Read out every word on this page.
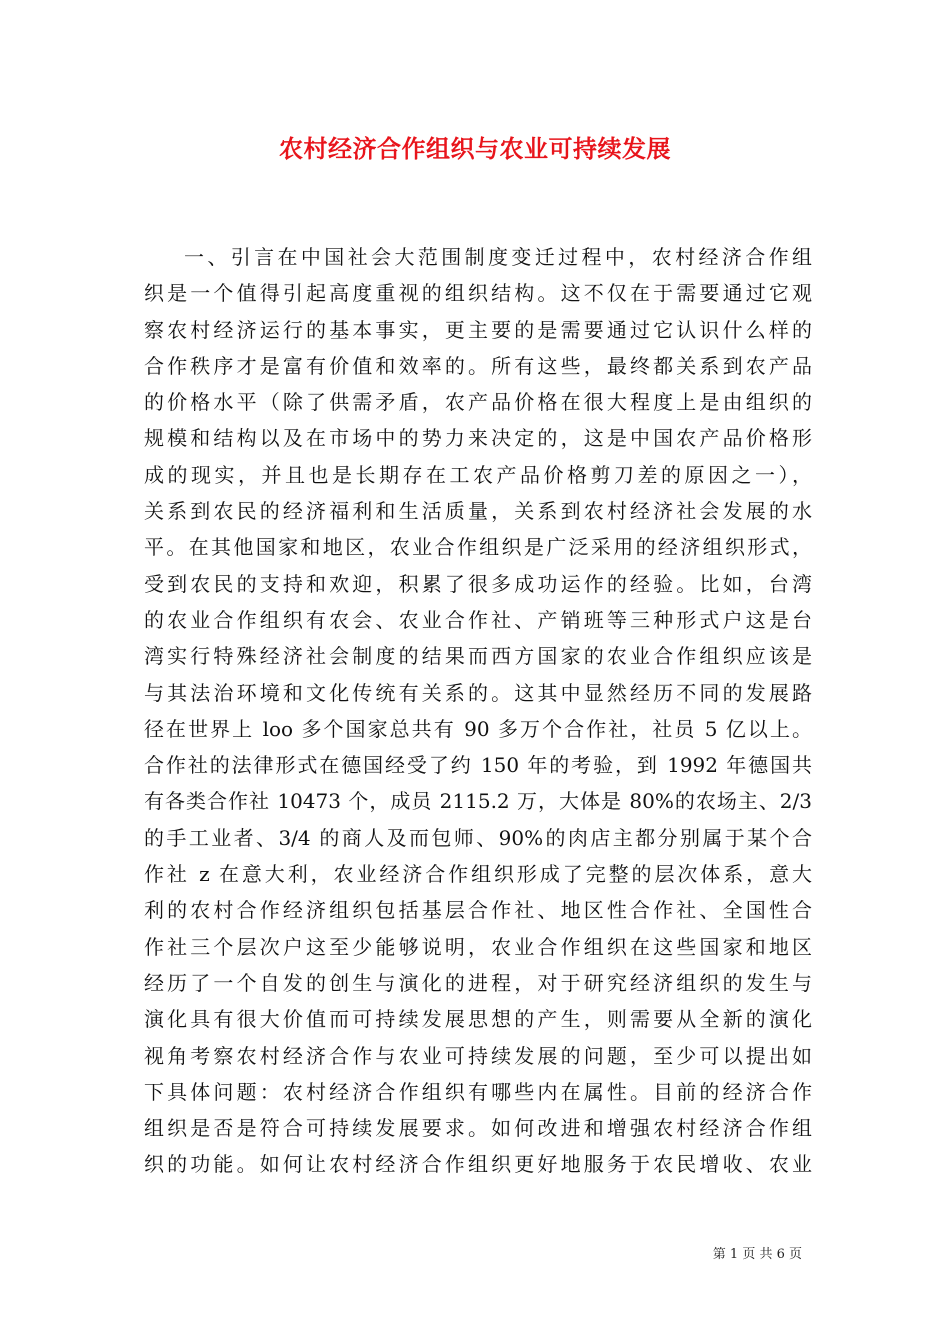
农村经济合作组织与农业可持续发展
一、引言在中国社会大范围制度变迁过程中，农村经济合作组
织是一个值得引起高度重视的组织结构。这不仅在于需要通过它观
察农村经济运行的基本事实，更主要的是需要通过它认识什么样的
合作秩序才是富有价值和效率的。所有这些，最终都关系到农产品
的价格水平（除了供需矛盾，农产品价格在很大程度上是由组织的
规模和结构以及在市场中的势力来决定的，这是中国农产品价格形
成的现实，并且也是长期存在工农产品价格剪刀差的原因之一），
关系到农民的经济福利和生活质量，关系到农村经济社会发展的水
平。在其他国家和地区，农业合作组织是广泛采用的经济组织形式，
受到农民的支持和欢迎，积累了很多成功运作的经验。比如，台湾
的农业合作组织有农会、农业合作社、产销班等三种形式户这是台
湾实行特殊经济社会制度的结果而西方国家的农业合作组织应该是
与其法治环境和文化传统有关系的。这其中显然经历不同的发展路
径在世界上 loo 多个国家总共有 90 多万个合作社，社员 5 亿以上。
合作社的法律形式在德国经受了约 150 年的考验，到 1992 年德国共
有各类合作社 10473 个，成员 2115.2 万，大体是 80%的农场主、2/3
的手工业者、3/4 的商人及而包师、90%的肉店主都分别属于某个合
作社 z 在意大利，农业经济合作组织形成了完整的层次体系，意大
利的农村合作经济组织包括基层合作社、地区性合作社、全国性合
作社三个层次户这至少能够说明，农业合作组织在这些国家和地区
经历了一个自发的创生与演化的进程，对于研究经济组织的发生与
演化具有很大价值而可持续发展思想的产生，则需要从全新的演化
视角考察农村经济合作与农业可持续发展的问题，至少可以提出如
下具体问题：农村经济合作组织有哪些内在属性。目前的经济合作
组织是否是符合可持续发展要求。如何改进和增强农村经济合作组
织的功能。如何让农村经济合作组织更好地服务于农民增收、农业
第 1 页 共 6 页
